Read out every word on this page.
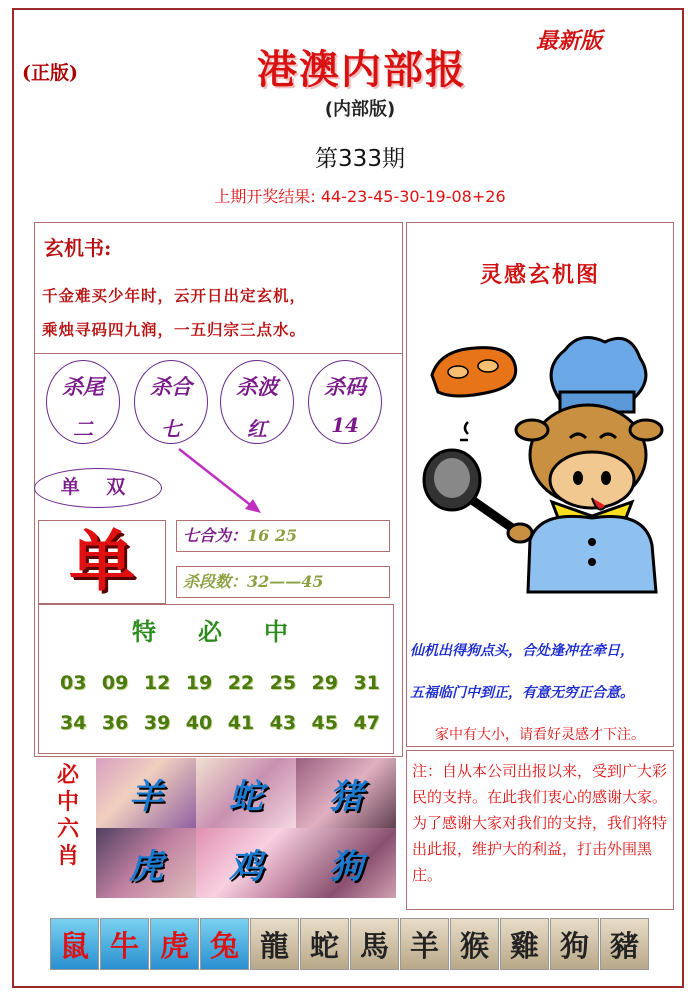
(正版)
最新版
港澳内部报
(内部版)
第333期
上期开奖结果: 44-23-45-30-19-08+26
玄机书:
千金难买少年时，云开日出定玄机，
乘烛寻码四九润，一五归宗三点水。
杀尾
二
杀合
七
杀波
红
杀码
14
单 双
单	七合为：16 25
杀段数：32——45
特必中
03 09 12 19 22 25 29 31
34 36 39 40 41 43 45 47
必中六肖
羊	蛇	猪
虎	鸡	狗
灵感玄机图
仙机出得狗点头，合处逢冲在牵日，
五福临门中到正，有意无穷正合意。
家中有大小，请看好灵感才下注。
注：自从本公司出报以来，受到广大彩民的支持。在此我们衷心的感谢大家。为了感谢大家对我们的支持，我们将特出此报，维护大的利益，打击外围黑庄。
鼠 牛 虎 兔 龍 蛇 馬 羊 猴 雞 狗 豬
